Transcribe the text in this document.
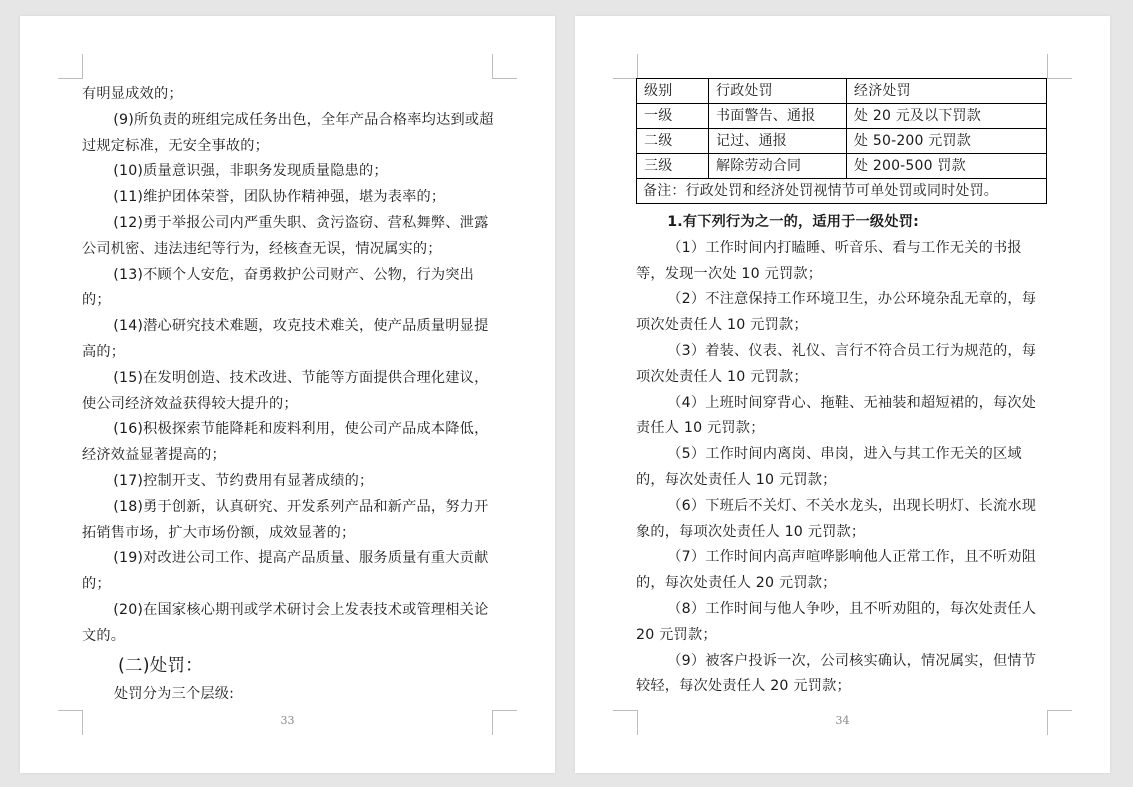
有明显成效的；

(9)所负责的班组完成任务出色，全年产品合格率均达到或超过规定标准，无安全事故的；

(10)质量意识强，非职务发现质量隐患的；

(11)维护团体荣誉，团队协作精神强，堪为表率的；

(12)勇于举报公司内严重失职、贪污盗窃、营私舞弊、泄露公司机密、违法违纪等行为，经核查无误，情况属实的；

(13)不顾个人安危，奋勇救护公司财产、公物，行为突出的；

(14)潜心研究技术难题，攻克技术难关，使产品质量明显提高的；

(15)在发明创造、技术改进、节能等方面提供合理化建议，使公司经济效益获得较大提升的；

(16)积极探索节能降耗和废料利用，使公司产品成本降低，经济效益显著提高的；

(17)控制开支、节约费用有显著成绩的；

(18)勇于创新，认真研究、开发系列产品和新产品，努力开拓销售市场，扩大市场份额，成效显著的；

(19)对改进公司工作、提高产品质量、服务质量有重大贡献的；

(20)在国家核心期刊或学术研讨会上发表技术或管理相关论文的。

(二)处罚：

处罚分为三个层级:

33
级别	行政处罚	经济处罚
一级	书面警告、通报	处 20 元及以下罚款
二级	记过、通报	处 50-200 元罚款
三级	解除劳动合同	处 200-500 罚款
备注：行政处罚和经济处罚视情节可单处罚或同时处罚。		

1.有下列行为之一的，适用于一级处罚:

（1）工作时间内打瞌睡、听音乐、看与工作无关的书报等，发现一次处 10 元罚款；

（2）不注意保持工作环境卫生，办公环境杂乱无章的，每项次处责任人 10 元罚款；

（3）着装、仪表、礼仪、言行不符合员工行为规范的，每项次处责任人 10 元罚款；

（4）上班时间穿背心、拖鞋、无袖装和超短裙的，每次处责任人 10 元罚款；

（5）工作时间内离岗、串岗，进入与其工作无关的区域的，每次处责任人 10 元罚款；

（6）下班后不关灯、不关水龙头，出现长明灯、长流水现象的，每项次处责任人 10 元罚款；

（7）工作时间内高声喧哗影响他人正常工作，且不听劝阻的，每次处责任人 20 元罚款；

（8）工作时间与他人争吵，且不听劝阻的，每次处责任人 20 元罚款；

（9）被客户投诉一次，公司核实确认，情况属实，但情节较轻，每次处责任人 20 元罚款；

34
